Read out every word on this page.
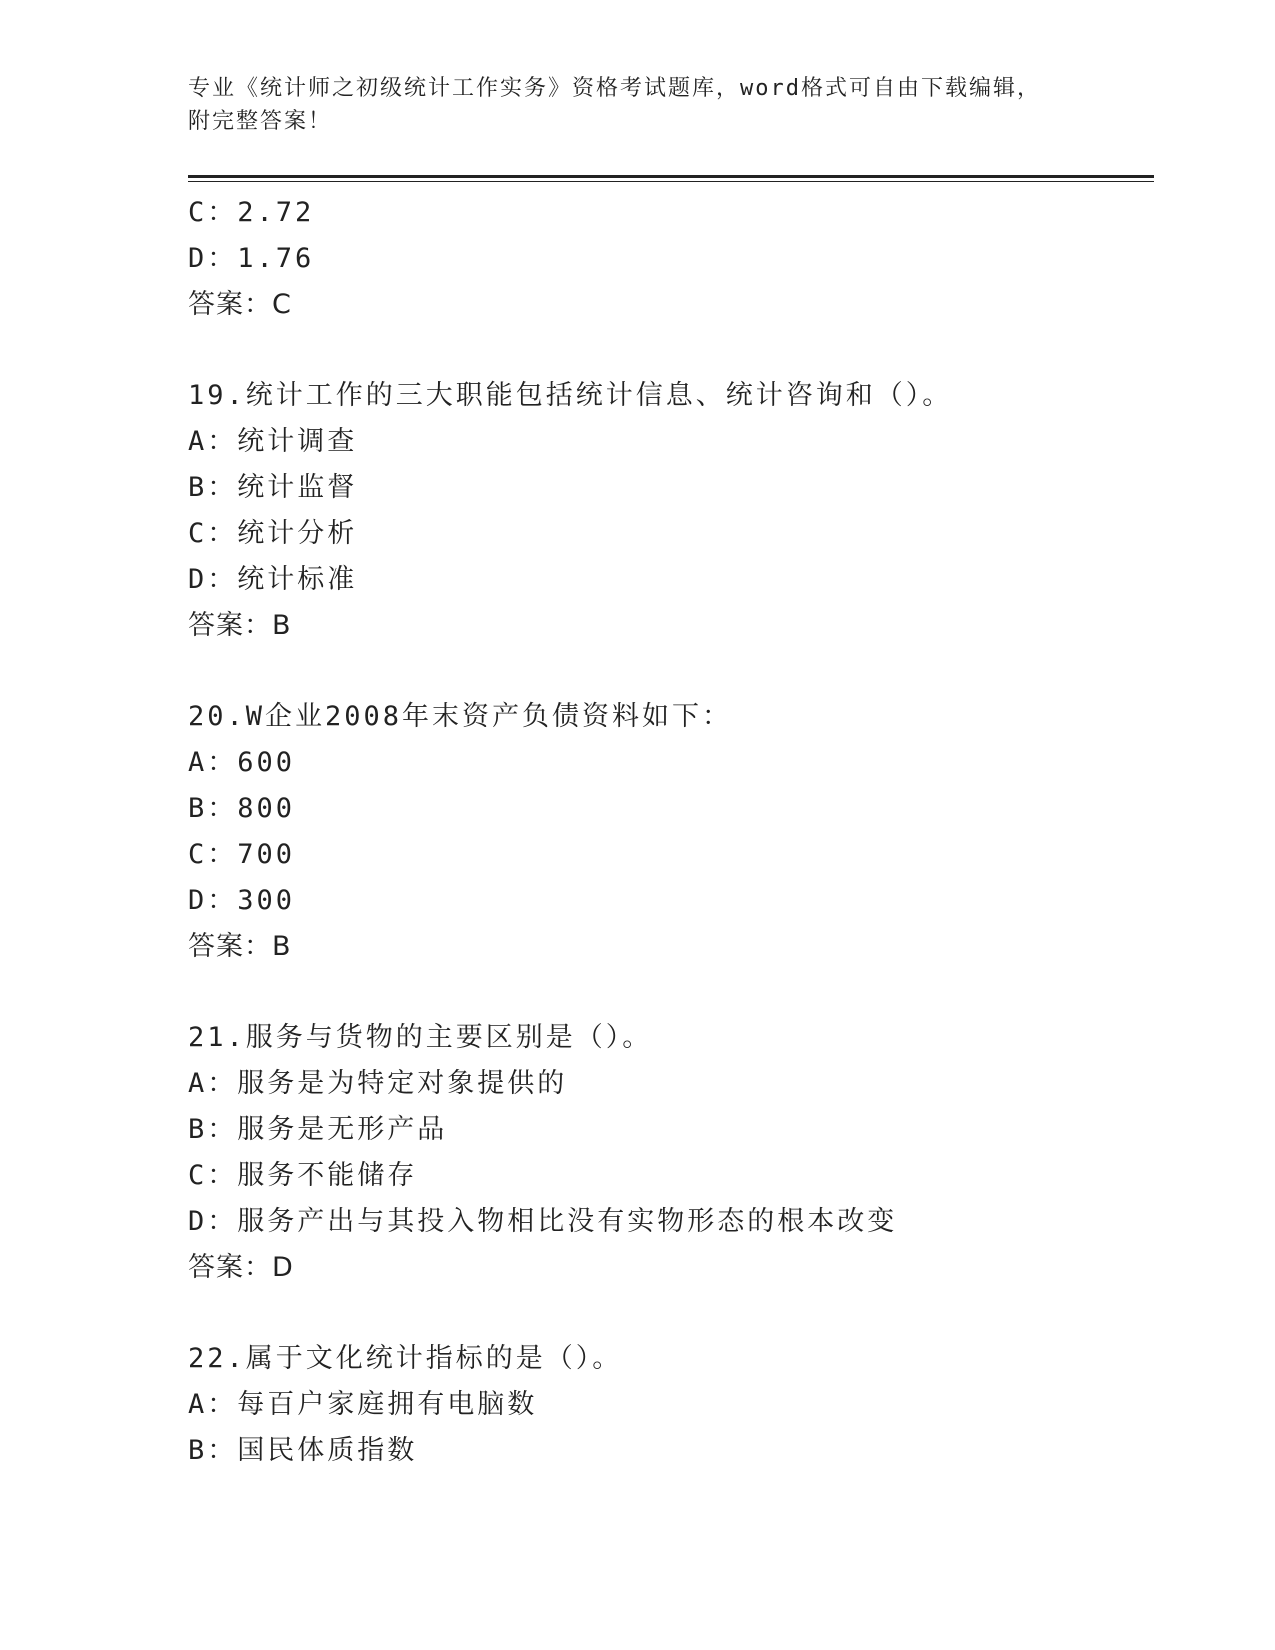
专业《统计师之初级统计工作实务》资格考试题库，word格式可自由下载编辑，
附完整答案！
C：2.72
D：1.76
答案：C
19.统计工作的三大职能包括统计信息、统计咨询和（）。
A：统计调查
B：统计监督
C：统计分析
D：统计标准
答案：B
20.W企业2008年末资产负债资料如下：
A：600
B：800
C：700
D：300
答案：B
21.服务与货物的主要区别是（）。
A：服务是为特定对象提供的
B：服务是无形产品
C：服务不能储存
D：服务产出与其投入物相比没有实物形态的根本改变
答案：D
22.属于文化统计指标的是（）。
A：每百户家庭拥有电脑数
B：国民体质指数
